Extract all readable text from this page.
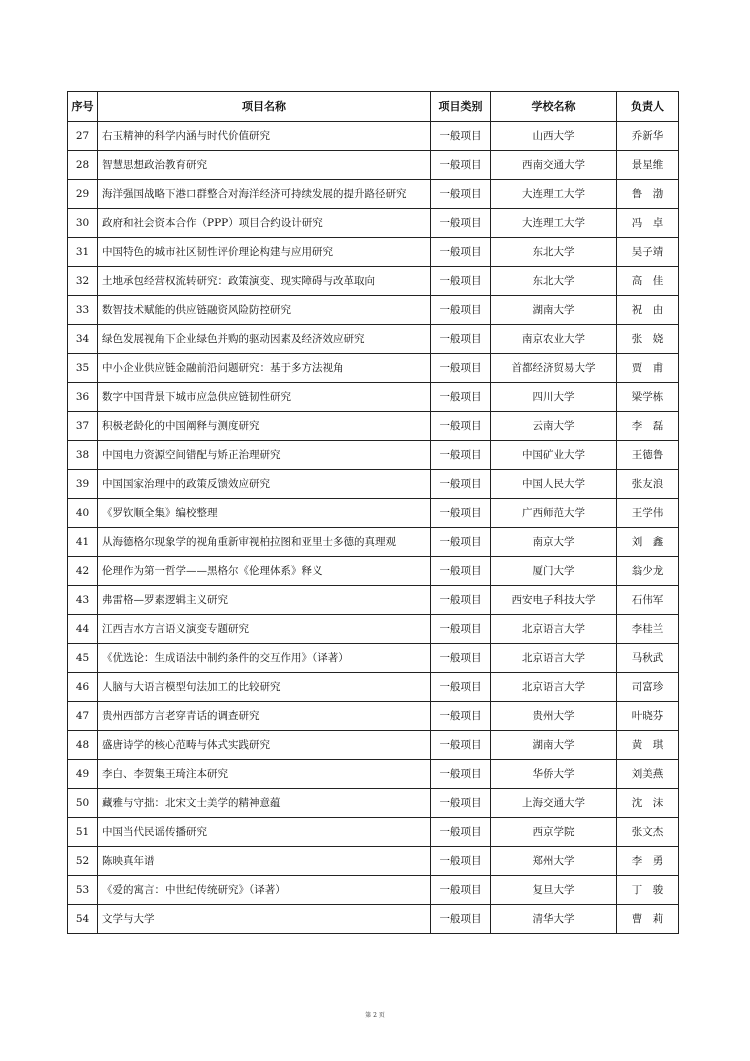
序号	项目名称	项目类别	学校名称	负责人
27	右玉精神的科学内涵与时代价值研究	一般项目	山西大学	乔新华
28	智慧思想政治教育研究	一般项目	西南交通大学	景星维
29	海洋强国战略下港口群整合对海洋经济可持续发展的提升路径研究	一般项目	大连理工大学	鲁　渤
30	政府和社会资本合作（PPP）项目合约设计研究	一般项目	大连理工大学	冯　卓
31	中国特色的城市社区韧性评价理论构建与应用研究	一般项目	东北大学	吴子靖
32	土地承包经营权流转研究：政策演变、现实障碍与改革取向	一般项目	东北大学	高　佳
33	数智技术赋能的供应链融资风险防控研究	一般项目	湖南大学	祝　由
34	绿色发展视角下企业绿色并购的驱动因素及经济效应研究	一般项目	南京农业大学	张　娆
35	中小企业供应链金融前沿问题研究：基于多方法视角	一般项目	首都经济贸易大学	贾　甫
36	数字中国背景下城市应急供应链韧性研究	一般项目	四川大学	梁学栋
37	积极老龄化的中国阐释与测度研究	一般项目	云南大学	李　磊
38	中国电力资源空间错配与矫正治理研究	一般项目	中国矿业大学	王德鲁
39	中国国家治理中的政策反馈效应研究	一般项目	中国人民大学	张友浪
40	《罗钦顺全集》编校整理	一般项目	广西师范大学	王学伟
41	从海德格尔现象学的视角重新审视柏拉图和亚里士多德的真理观	一般项目	南京大学	刘　鑫
42	伦理作为第一哲学——黑格尔《伦理体系》释义	一般项目	厦门大学	翁少龙
43	弗雷格—罗素逻辑主义研究	一般项目	西安电子科技大学	石伟军
44	江西吉水方言语义演变专题研究	一般项目	北京语言大学	李桂兰
45	《优选论：生成语法中制约条件的交互作用》（译著）	一般项目	北京语言大学	马秋武
46	人脑与大语言模型句法加工的比较研究	一般项目	北京语言大学	司富珍
47	贵州西部方言老穿青话的调查研究	一般项目	贵州大学	叶晓芬
48	盛唐诗学的核心范畴与体式实践研究	一般项目	湖南大学	黄　琪
49	李白、李贺集王琦注本研究	一般项目	华侨大学	刘美燕
50	藏雅与守拙：北宋文士美学的精神意蕴	一般项目	上海交通大学	沈　沫
51	中国当代民谣传播研究	一般项目	西京学院	张文杰
52	陈映真年谱	一般项目	郑州大学	李　勇
53	《爱的寓言：中世纪传统研究》（译著）	一般项目	复旦大学	丁　骏
54	文学与大学	一般项目	清华大学	曹　莉
第 2 页
